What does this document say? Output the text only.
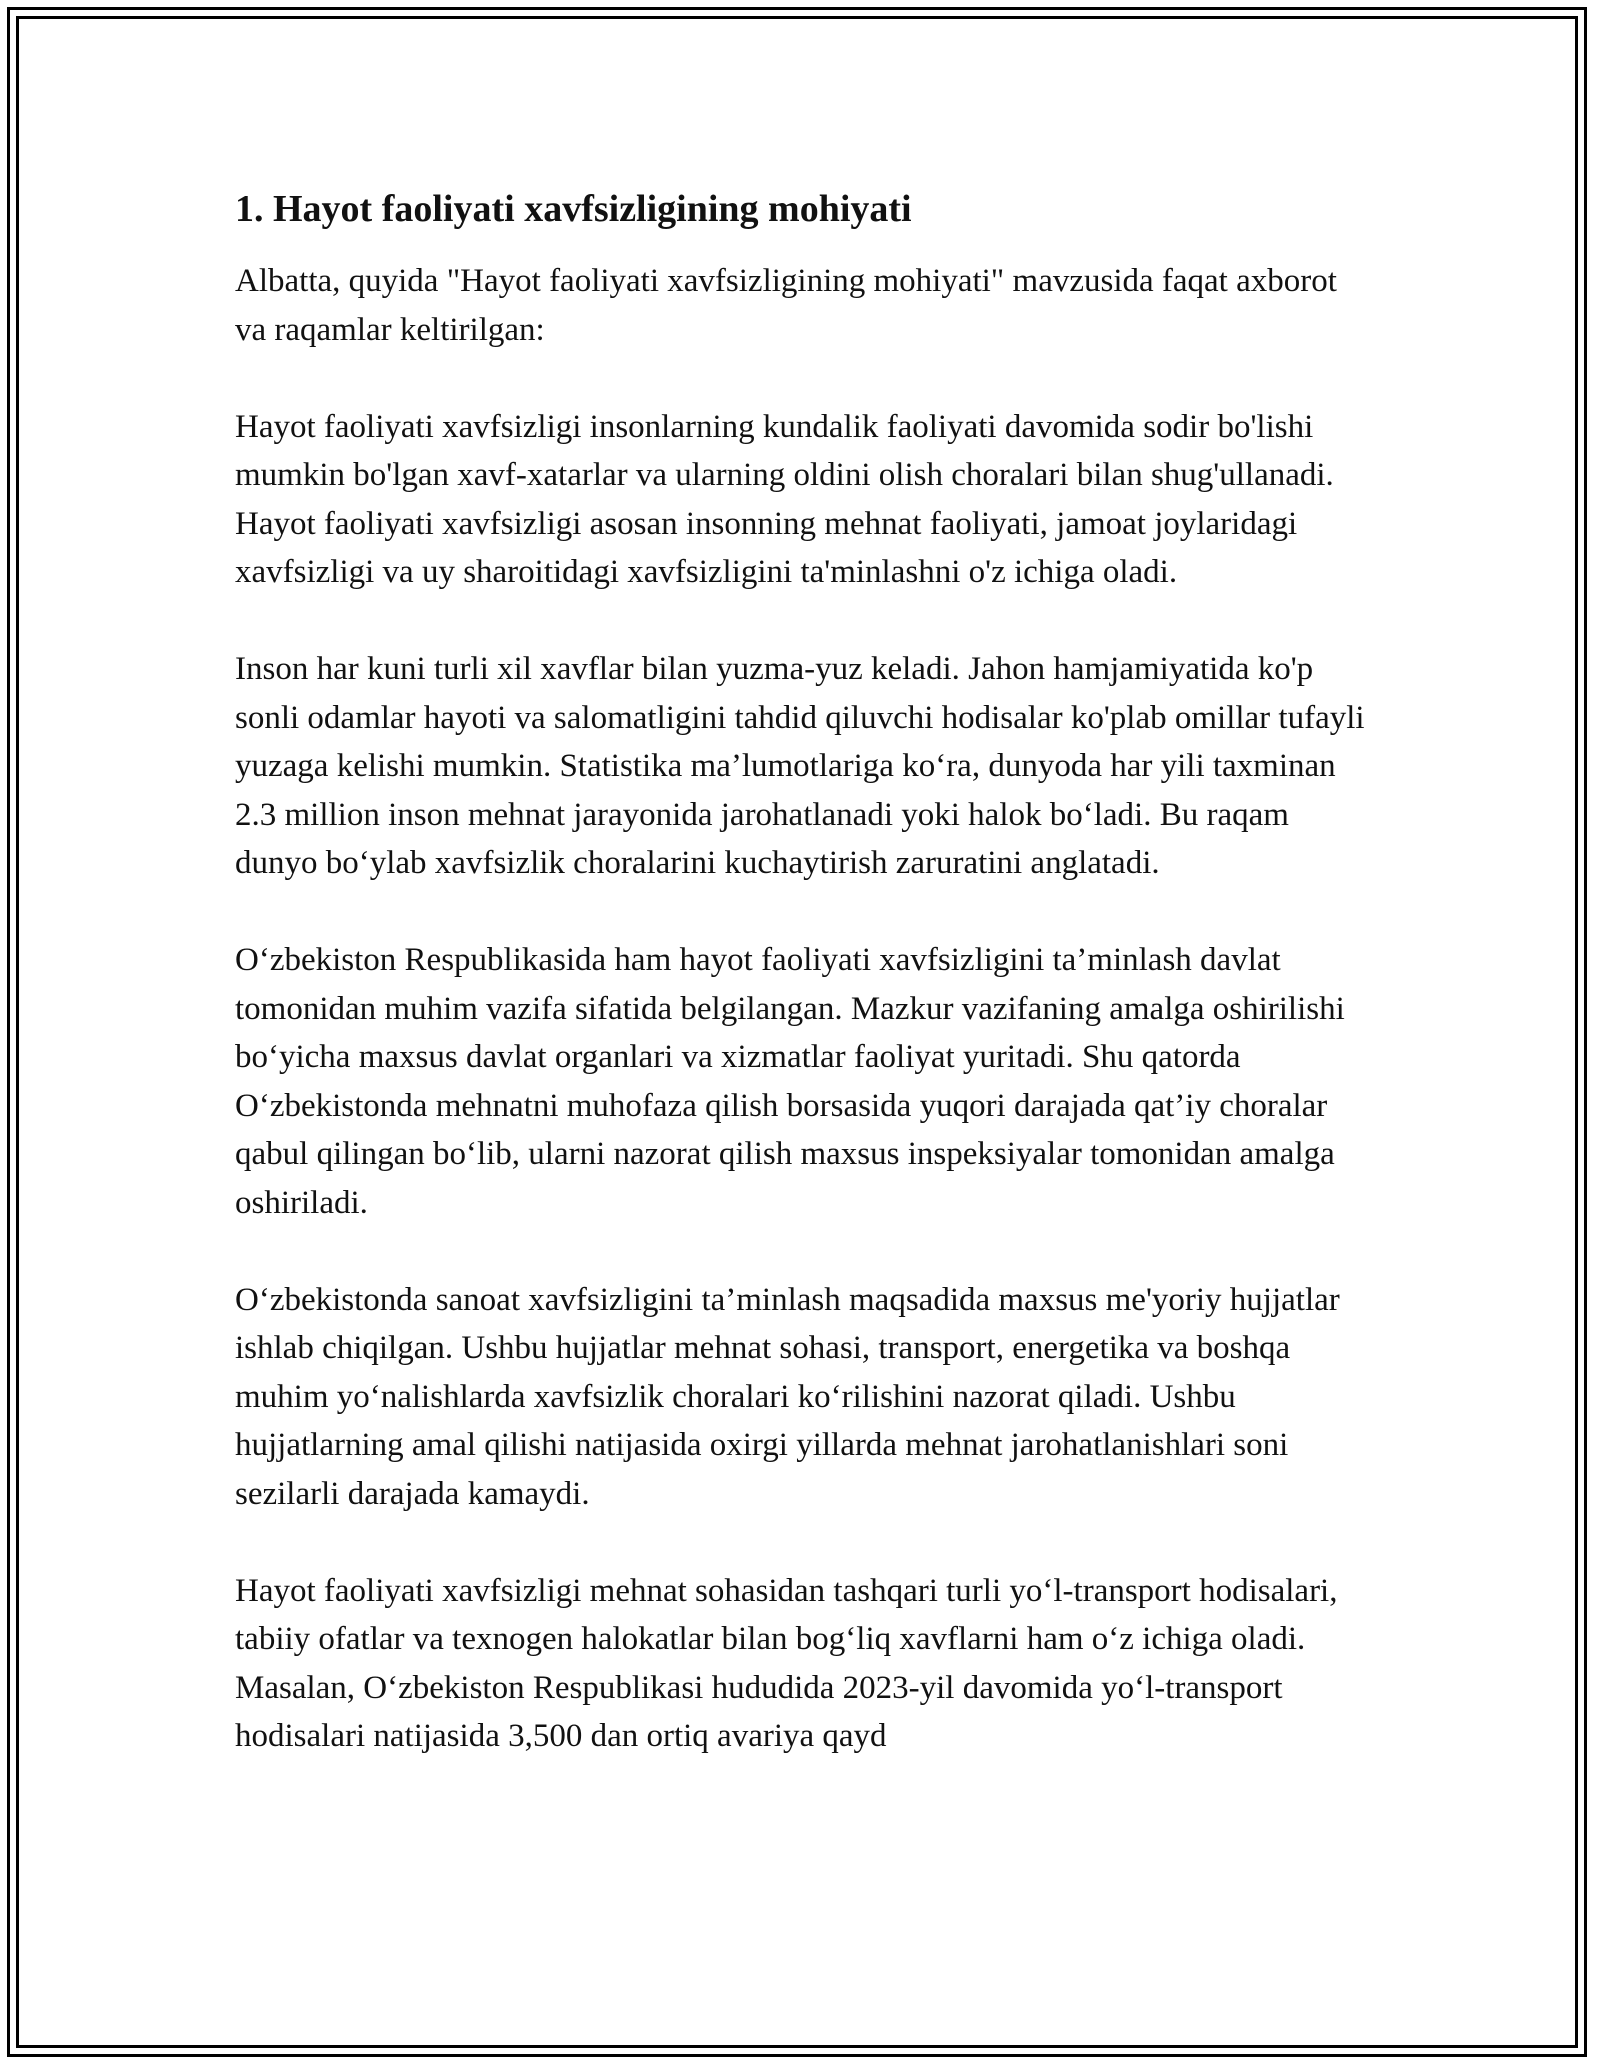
1. Hayot faoliyati xavfsizligining mohiyati

Albatta, quyida "Hayot faoliyati xavfsizligining mohiyati" mavzusida faqat axborot va raqamlar keltirilgan:

Hayot faoliyati xavfsizligi insonlarning kundalik faoliyati davomida sodir bo'lishi mumkin bo'lgan xavf-xatarlar va ularning oldini olish choralari bilan shug'ullanadi. Hayot faoliyati xavfsizligi asosan insonning mehnat faoliyati, jamoat joylaridagi xavfsizligi va uy sharoitidagi xavfsizligini ta'minlashni o'z ichiga oladi.

Inson har kuni turli xil xavflar bilan yuzma-yuz keladi. Jahon hamjamiyatida ko'p sonli odamlar hayoti va salomatligini tahdid qiluvchi hodisalar ko'plab omillar tufayli yuzaga kelishi mumkin. Statistika ma’lumotlariga ko‘ra, dunyoda har yili taxminan 2.3 million inson mehnat jarayonida jarohatlanadi yoki halok bo‘ladi. Bu raqam dunyo bo‘ylab xavfsizlik choralarini kuchaytirish zaruratini anglatadi.

O‘zbekiston Respublikasida ham hayot faoliyati xavfsizligini ta’minlash davlat tomonidan muhim vazifa sifatida belgilangan. Mazkur vazifaning amalga oshirilishi bo‘yicha maxsus davlat organlari va xizmatlar faoliyat yuritadi. Shu qatorda O‘zbekistonda mehnatni muhofaza qilish borsasida yuqori darajada qat’iy choralar qabul qilingan bo‘lib, ularni nazorat qilish maxsus inspeksiyalar tomonidan amalga oshiriladi.

O‘zbekistonda sanoat xavfsizligini ta’minlash maqsadida maxsus me'yoriy hujjatlar ishlab chiqilgan. Ushbu hujjatlar mehnat sohasi, transport, energetika va boshqa muhim yo‘nalishlarda xavfsizlik choralari ko‘rilishini nazorat qiladi. Ushbu hujjatlarning amal qilishi natijasida oxirgi yillarda mehnat jarohatlanishlari soni sezilarli darajada kamaydi.

Hayot faoliyati xavfsizligi mehnat sohasidan tashqari turli yo‘l-transport hodisalari, tabiiy ofatlar va texnogen halokatlar bilan bog‘liq xavflarni ham o‘z ichiga oladi. Masalan, O‘zbekiston Respublikasi hududida 2023-yil davomida yo‘l-transport hodisalari natijasida 3,500 dan ortiq avariya qayd
